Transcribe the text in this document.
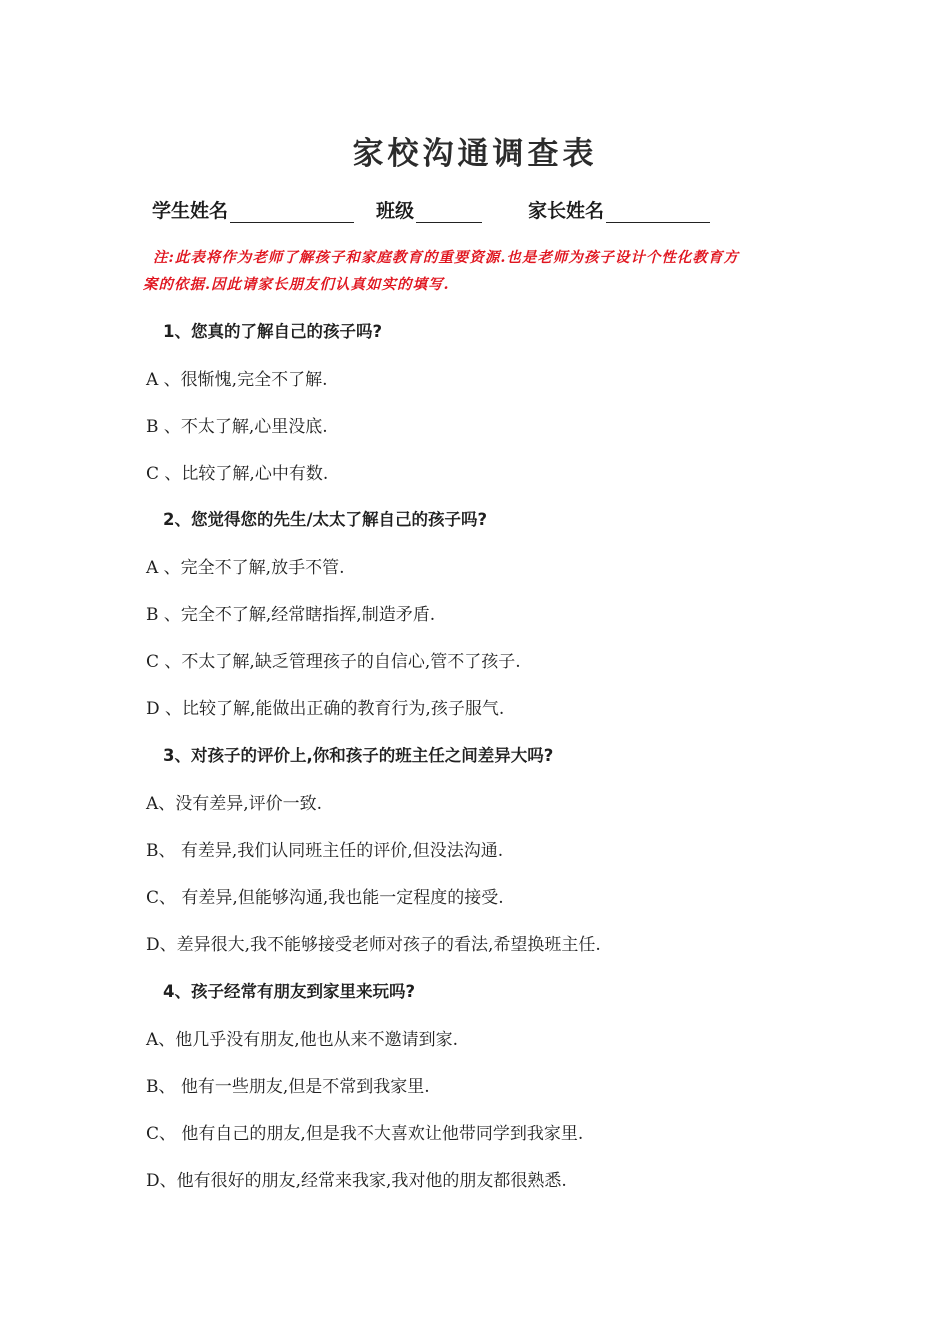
家校沟通调查表
学生姓名	班级	家长姓名
注:此表将作为老师了解孩子和家庭教育的重要资源.也是老师为孩子设计个性化教育方
案的依据.因此请家长朋友们认真如实的填写.
1、您真的了解自己的孩子吗?
A 、很惭愧,完全不了解.
B 、不太了解,心里没底.
C 、比较了解,心中有数.
2、您觉得您的先生/太太了解自己的孩子吗?
A 、完全不了解,放手不管.
B 、完全不了解,经常瞎指挥,制造矛盾.
C 、不太了解,缺乏管理孩子的自信心,管不了孩子.
D 、比较了解,能做出正确的教育行为,孩子服气.
3、对孩子的评价上,你和孩子的班主任之间差异大吗?
A、没有差异,评价一致.
B、 有差异,我们认同班主任的评价,但没法沟通.
C、 有差异,但能够沟通,我也能一定程度的接受.
D、差异很大,我不能够接受老师对孩子的看法,希望换班主任.
4、孩子经常有朋友到家里来玩吗?
A、他几乎没有朋友,他也从来不邀请到家.
B、 他有一些朋友,但是不常到我家里.
C、 他有自己的朋友,但是我不大喜欢让他带同学到我家里.
D、他有很好的朋友,经常来我家,我对他的朋友都很熟悉.
